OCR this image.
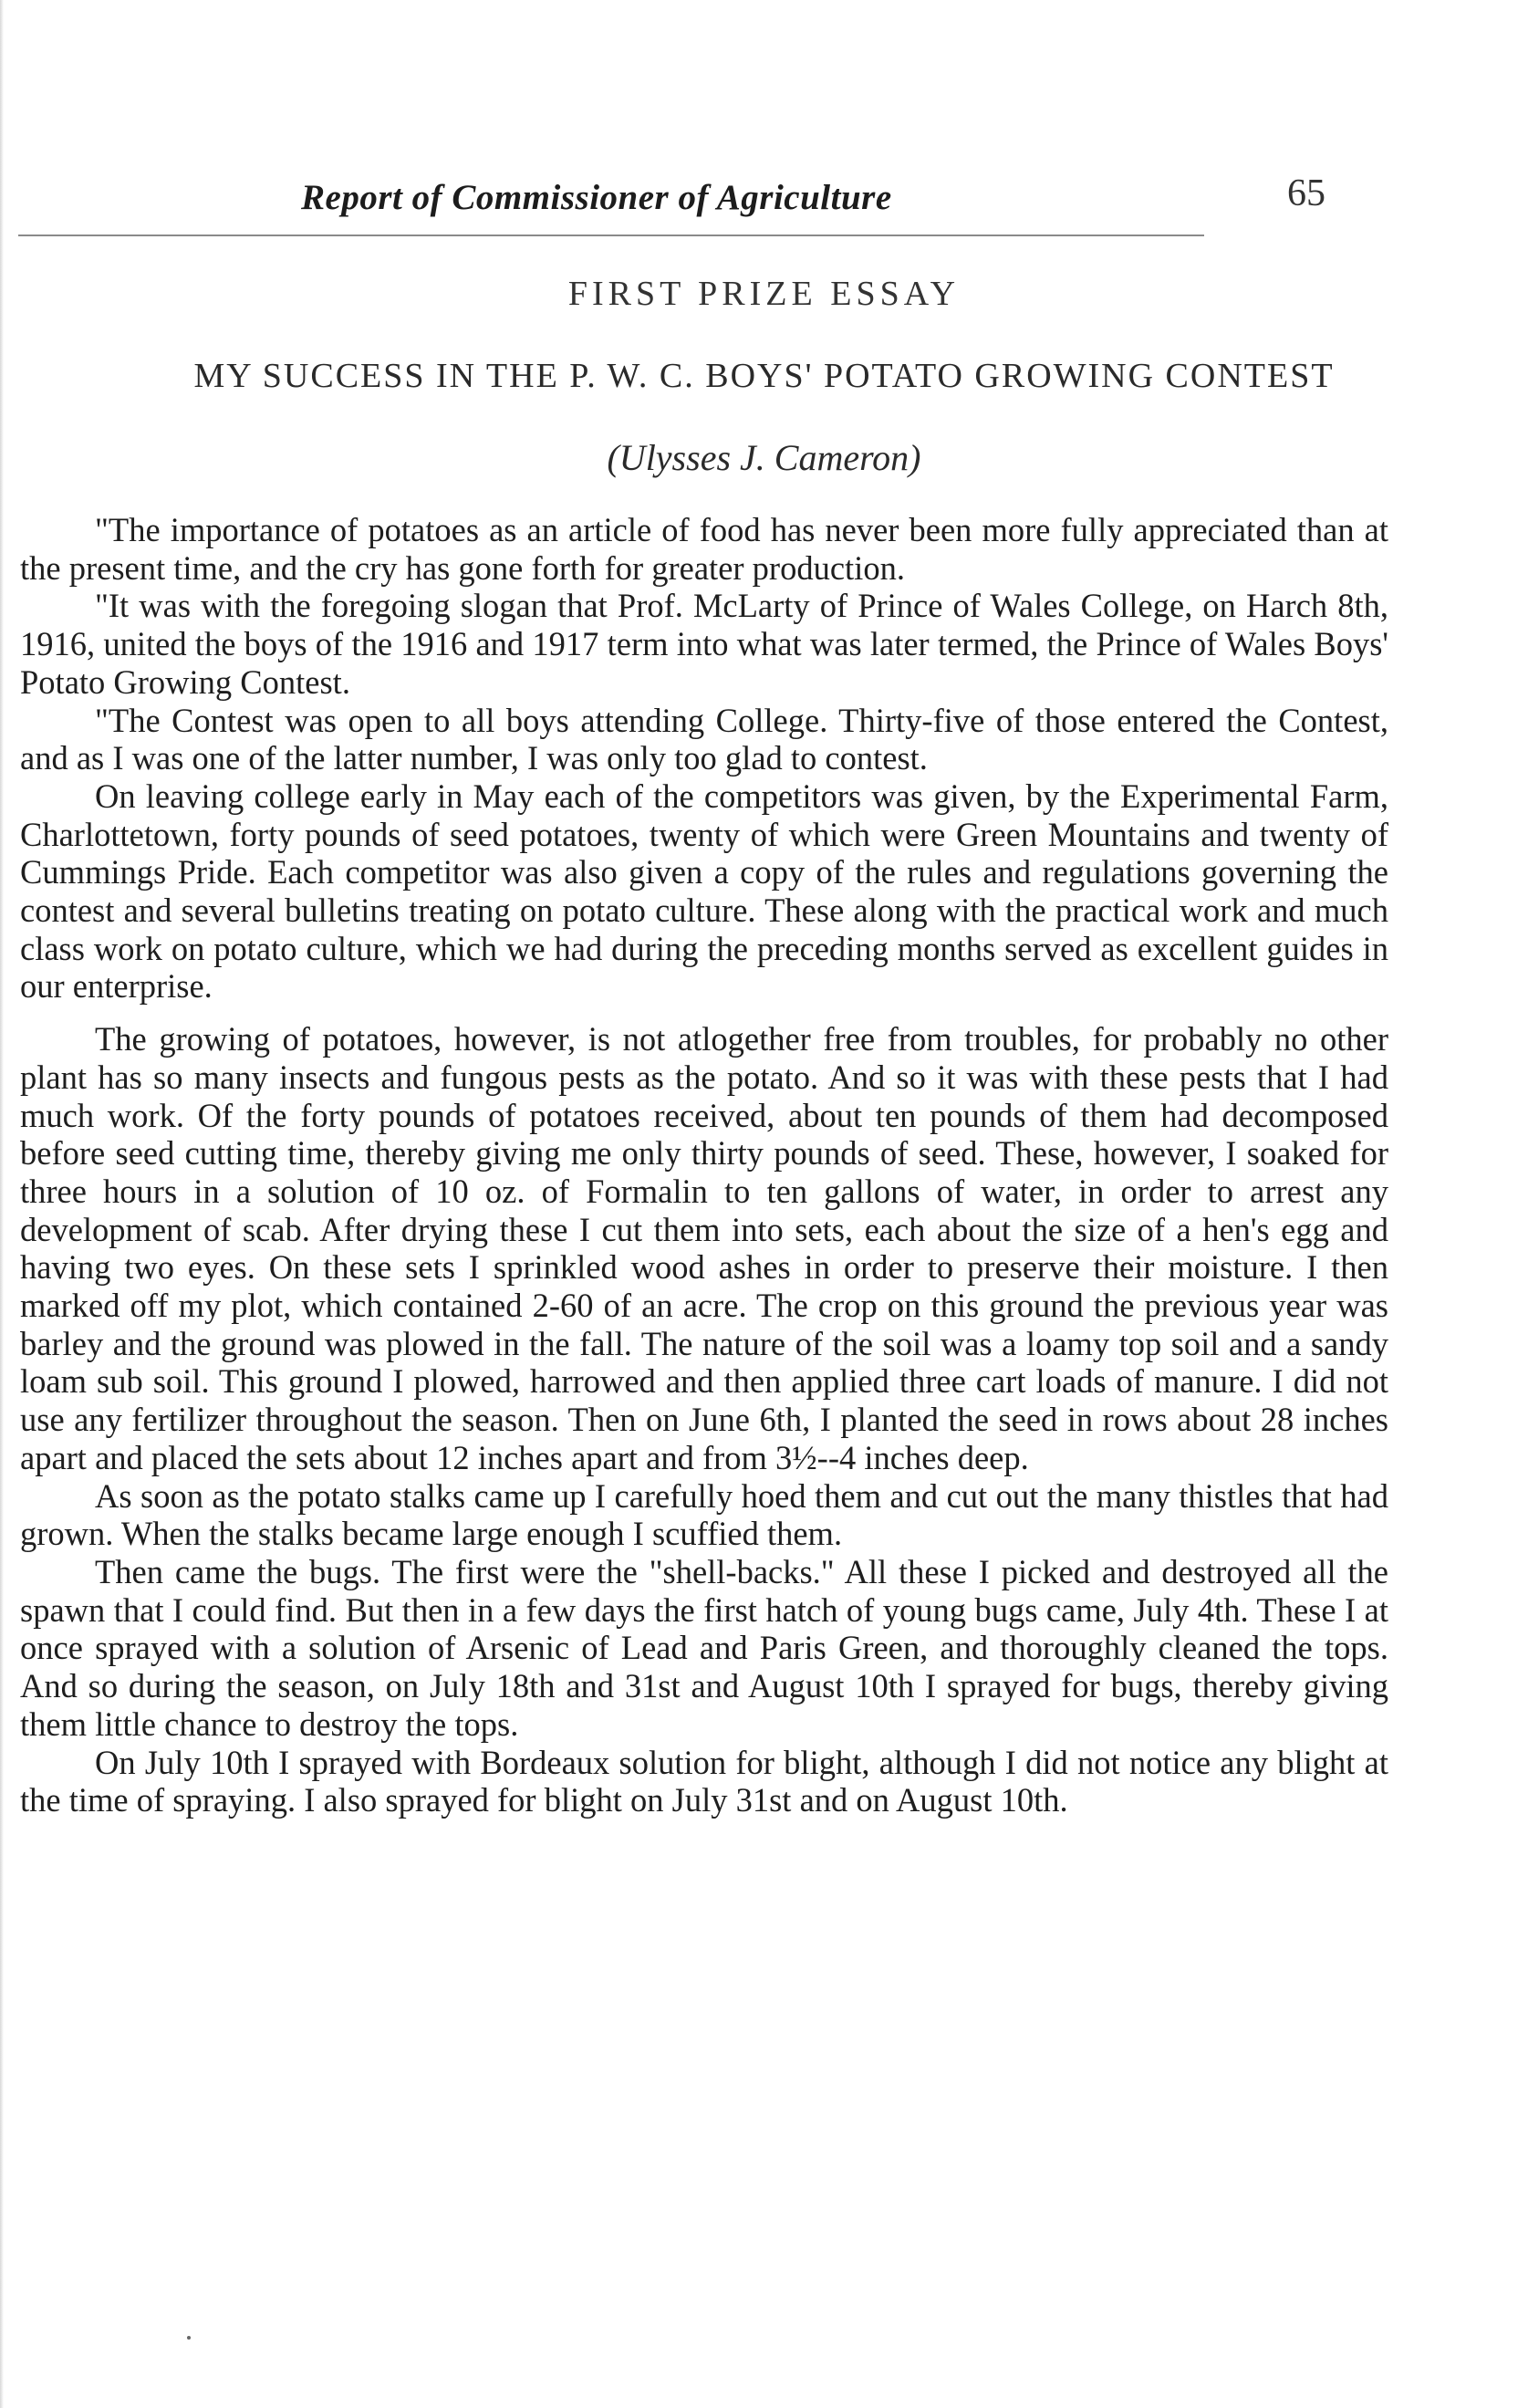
Report of Commissioner of Agriculture	65
FIRST PRIZE ESSAY
MY SUCCESS IN THE P. W. C. BOYS' POTATO GROWING CONTEST
(Ulysses J. Cameron)

"The importance of potatoes as an article of food has never been more fully appreciated than at the present time, and the cry has gone forth for greater production.

"It was with the foregoing slogan that Prof. McLarty of Prince of Wales College, on Harch 8th, 1916, united the boys of the 1916 and 1917 term into what was later termed, the Prince of Wales Boys' Potato Growing Contest.

"The Contest was open to all boys attending College. Thirty-five of those entered the Contest, and as I was one of the latter number, I was only too glad to contest.

On leaving college early in May each of the competitors was given, by the Experimental Farm, Charlottetown, forty pounds of seed potatoes, twenty of which were Green Mountains and twenty of Cummings Pride. Each competitor was also given a copy of the rules and regulations governing the contest and several bulletins treating on potato culture. These along with the practical work and much class work on potato culture, which we had during the preceding months served as excellent guides in our enterprise.

The growing of potatoes, however, is not atlogether free from troubles, for probably no other plant has so many insects and fungous pests as the potato. And so it was with these pests that I had much work. Of the forty pounds of potatoes received, about ten pounds of them had decomposed before seed cutting time, thereby giving me only thirty pounds of seed. These, however, I soaked for three hours in a solution of 10 oz. of Formalin to ten gallons of water, in order to arrest any development of scab. After drying these I cut them into sets, each about the size of a hen's egg and having two eyes. On these sets I sprinkled wood ashes in order to preserve their moisture. I then marked off my plot, which contained 2-60 of an acre. The crop on this ground the previous year was barley and the ground was plowed in the fall. The nature of the soil was a loamy top soil and a sandy loam sub soil. This ground I plowed, harrowed and then applied three cart loads of manure. I did not use any fertilizer throughout the season. Then on June 6th, I planted the seed in rows about 28 inches apart and placed the sets about 12 inches apart and from 3½--4 inches deep.

As soon as the potato stalks came up I carefully hoed them and cut out the many thistles that had grown. When the stalks became large enough I scuffied them.

Then came the bugs. The first were the "shell-backs." All these I picked and destroyed all the spawn that I could find. But then in a few days the first hatch of young bugs came, July 4th. These I at once sprayed with a solution of Arsenic of Lead and Paris Green, and thoroughly cleaned the tops. And so during the season, on July 18th and 31st and August 10th I sprayed for bugs, thereby giving them little chance to destroy the tops.

On July 10th I sprayed with Bordeaux solution for blight, although I did not notice any blight at the time of spraying. I also sprayed for blight on July 31st and on August 10th.
